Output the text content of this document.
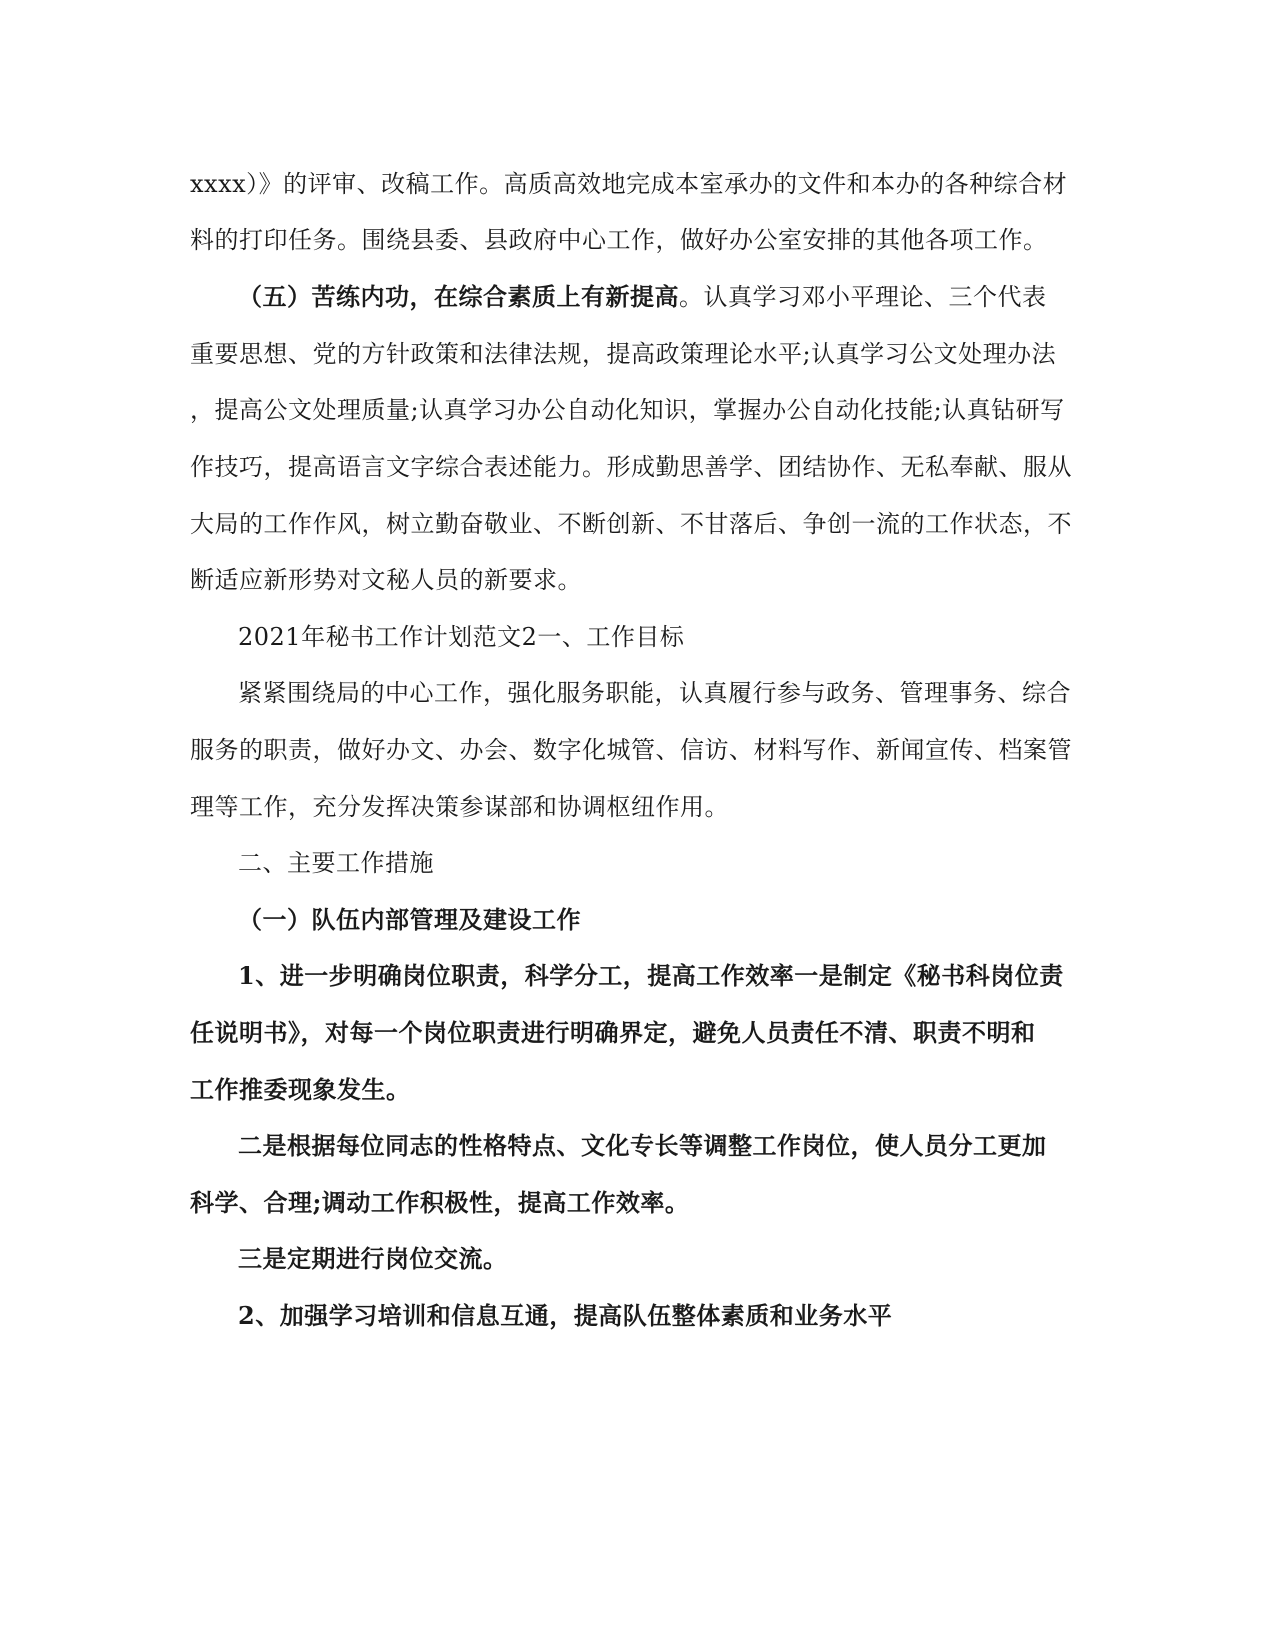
xxxx）》的评审、改稿工作。高质高效地完成本室承办的文件和本办的各种综合材
料的打印任务。围绕县委、县政府中心工作，做好办公室安排的其他各项工作。
（五）苦练内功，在综合素质上有新提高。认真学习邓小平理论、三个代表
重要思想、党的方针政策和法律法规，提高政策理论水平;认真学习公文处理办法
，提高公文处理质量;认真学习办公自动化知识，掌握办公自动化技能;认真钻研写
作技巧，提高语言文字综合表述能力。形成勤思善学、团结协作、无私奉献、服从
大局的工作作风，树立勤奋敬业、不断创新、不甘落后、争创一流的工作状态，不
断适应新形势对文秘人员的新要求。
2021年秘书工作计划范文2一、工作目标
紧紧围绕局的中心工作，强化服务职能，认真履行参与政务、管理事务、综合
服务的职责，做好办文、办会、数字化城管、信访、材料写作、新闻宣传、档案管
理等工作，充分发挥决策参谋部和协调枢纽作用。
二、主要工作措施
（一）队伍内部管理及建设工作
1、进一步明确岗位职责，科学分工，提高工作效率一是制定《秘书科岗位责
任说明书》，对每一个岗位职责进行明确界定，避免人员责任不清、职责不明和
工作推委现象发生。
二是根据每位同志的性格特点、文化专长等调整工作岗位，使人员分工更加
科学、合理;调动工作积极性，提高工作效率。
三是定期进行岗位交流。
2、加强学习培训和信息互通，提高队伍整体素质和业务水平
